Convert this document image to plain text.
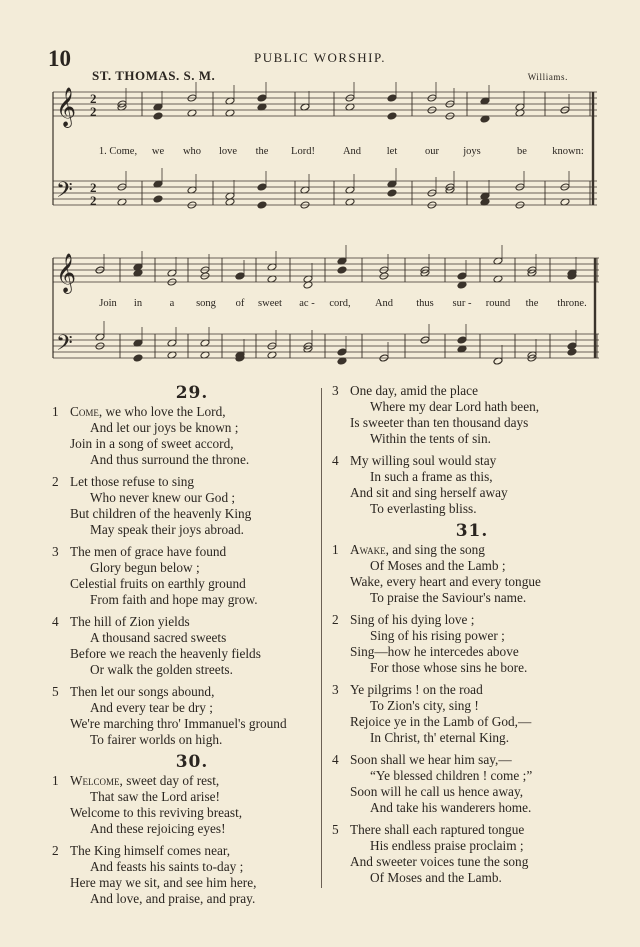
10	PUBLIC WORSHIP.
ST. THOMAS. S. M.	Williams.
𝄞 2
2
𝄢 2
2
1. Come, we who love the Lord!	And let	our joys	be known:
𝄞
𝄢
Join in	a song of sweet ac - cord, And thus sur - round the throne.
29.
1 Come, we who love the Lord,
And let our joys be known ;
Join in a song of sweet accord,
And thus surround the throne.
2 Let those refuse to sing
Who never knew our God ;
But children of the heavenly King
May speak their joys abroad.
3 The men of grace have found
Glory begun below ;
Celestial fruits on earthly ground
From faith and hope may grow.
4 The hill of Zion yields
A thousand sacred sweets
Before we reach the heavenly fields
Or walk the golden streets.
5 Then let our songs abound,
And every tear be dry ;
We're marching thro' Immanuel's ground
To fairer worlds on high.
30.
1 Welcome, sweet day of rest,
That saw the Lord arise!
Welcome to this reviving breast,
And these rejoicing eyes!
2 The King himself comes near,
And feasts his saints to-day ;
Here may we sit, and see him here,
And love, and praise, and pray.
3 One day, amid the place
Where my dear Lord hath been,
Is sweeter than ten thousand days
Within the tents of sin.
4 My willing soul would stay
In such a frame as this,
And sit and sing herself away
To everlasting bliss.
31.
1 Awake, and sing the song
Of Moses and the Lamb ;
Wake, every heart and every tongue
To praise the Saviour's name.
2 Sing of his dying love ;
Sing of his rising power ;
Sing—how he intercedes above
For those whose sins he bore.
3 Ye pilgrims ! on the road
To Zion's city, sing !
Rejoice ye in the Lamb of God,—
In Christ, th' eternal King.
4 Soon shall we hear him say,—
“Ye blessed children ! come ;”
Soon will he call us hence away,
And take his wanderers home.
5 There shall each raptured tongue
His endless praise proclaim ;
And sweeter voices tune the song
Of Moses and the Lamb.
